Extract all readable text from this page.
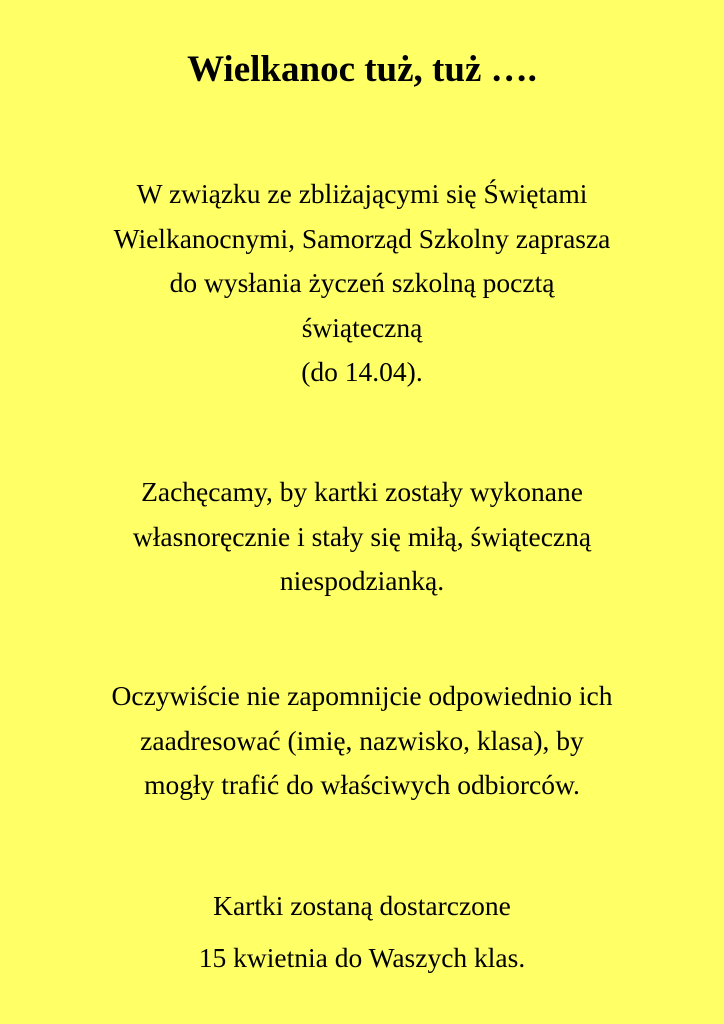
Wielkanoc tuż, tuż ….

W związku ze zbliżającymi się Świętami
Wielkanocnymi, Samorząd Szkolny zaprasza
do wysłania życzeń szkolną pocztą
świąteczną
(do 14.04).

Zachęcamy, by kartki zostały wykonane
własnoręcznie i stały się miłą, świąteczną
niespodzianką.

Oczywiście nie zapomnijcie odpowiednio ich
zaadresować (imię, nazwisko, klasa), by
mogły trafić do właściwych odbiorców.

Kartki zostaną dostarczone
15 kwietnia do Waszych klas.
